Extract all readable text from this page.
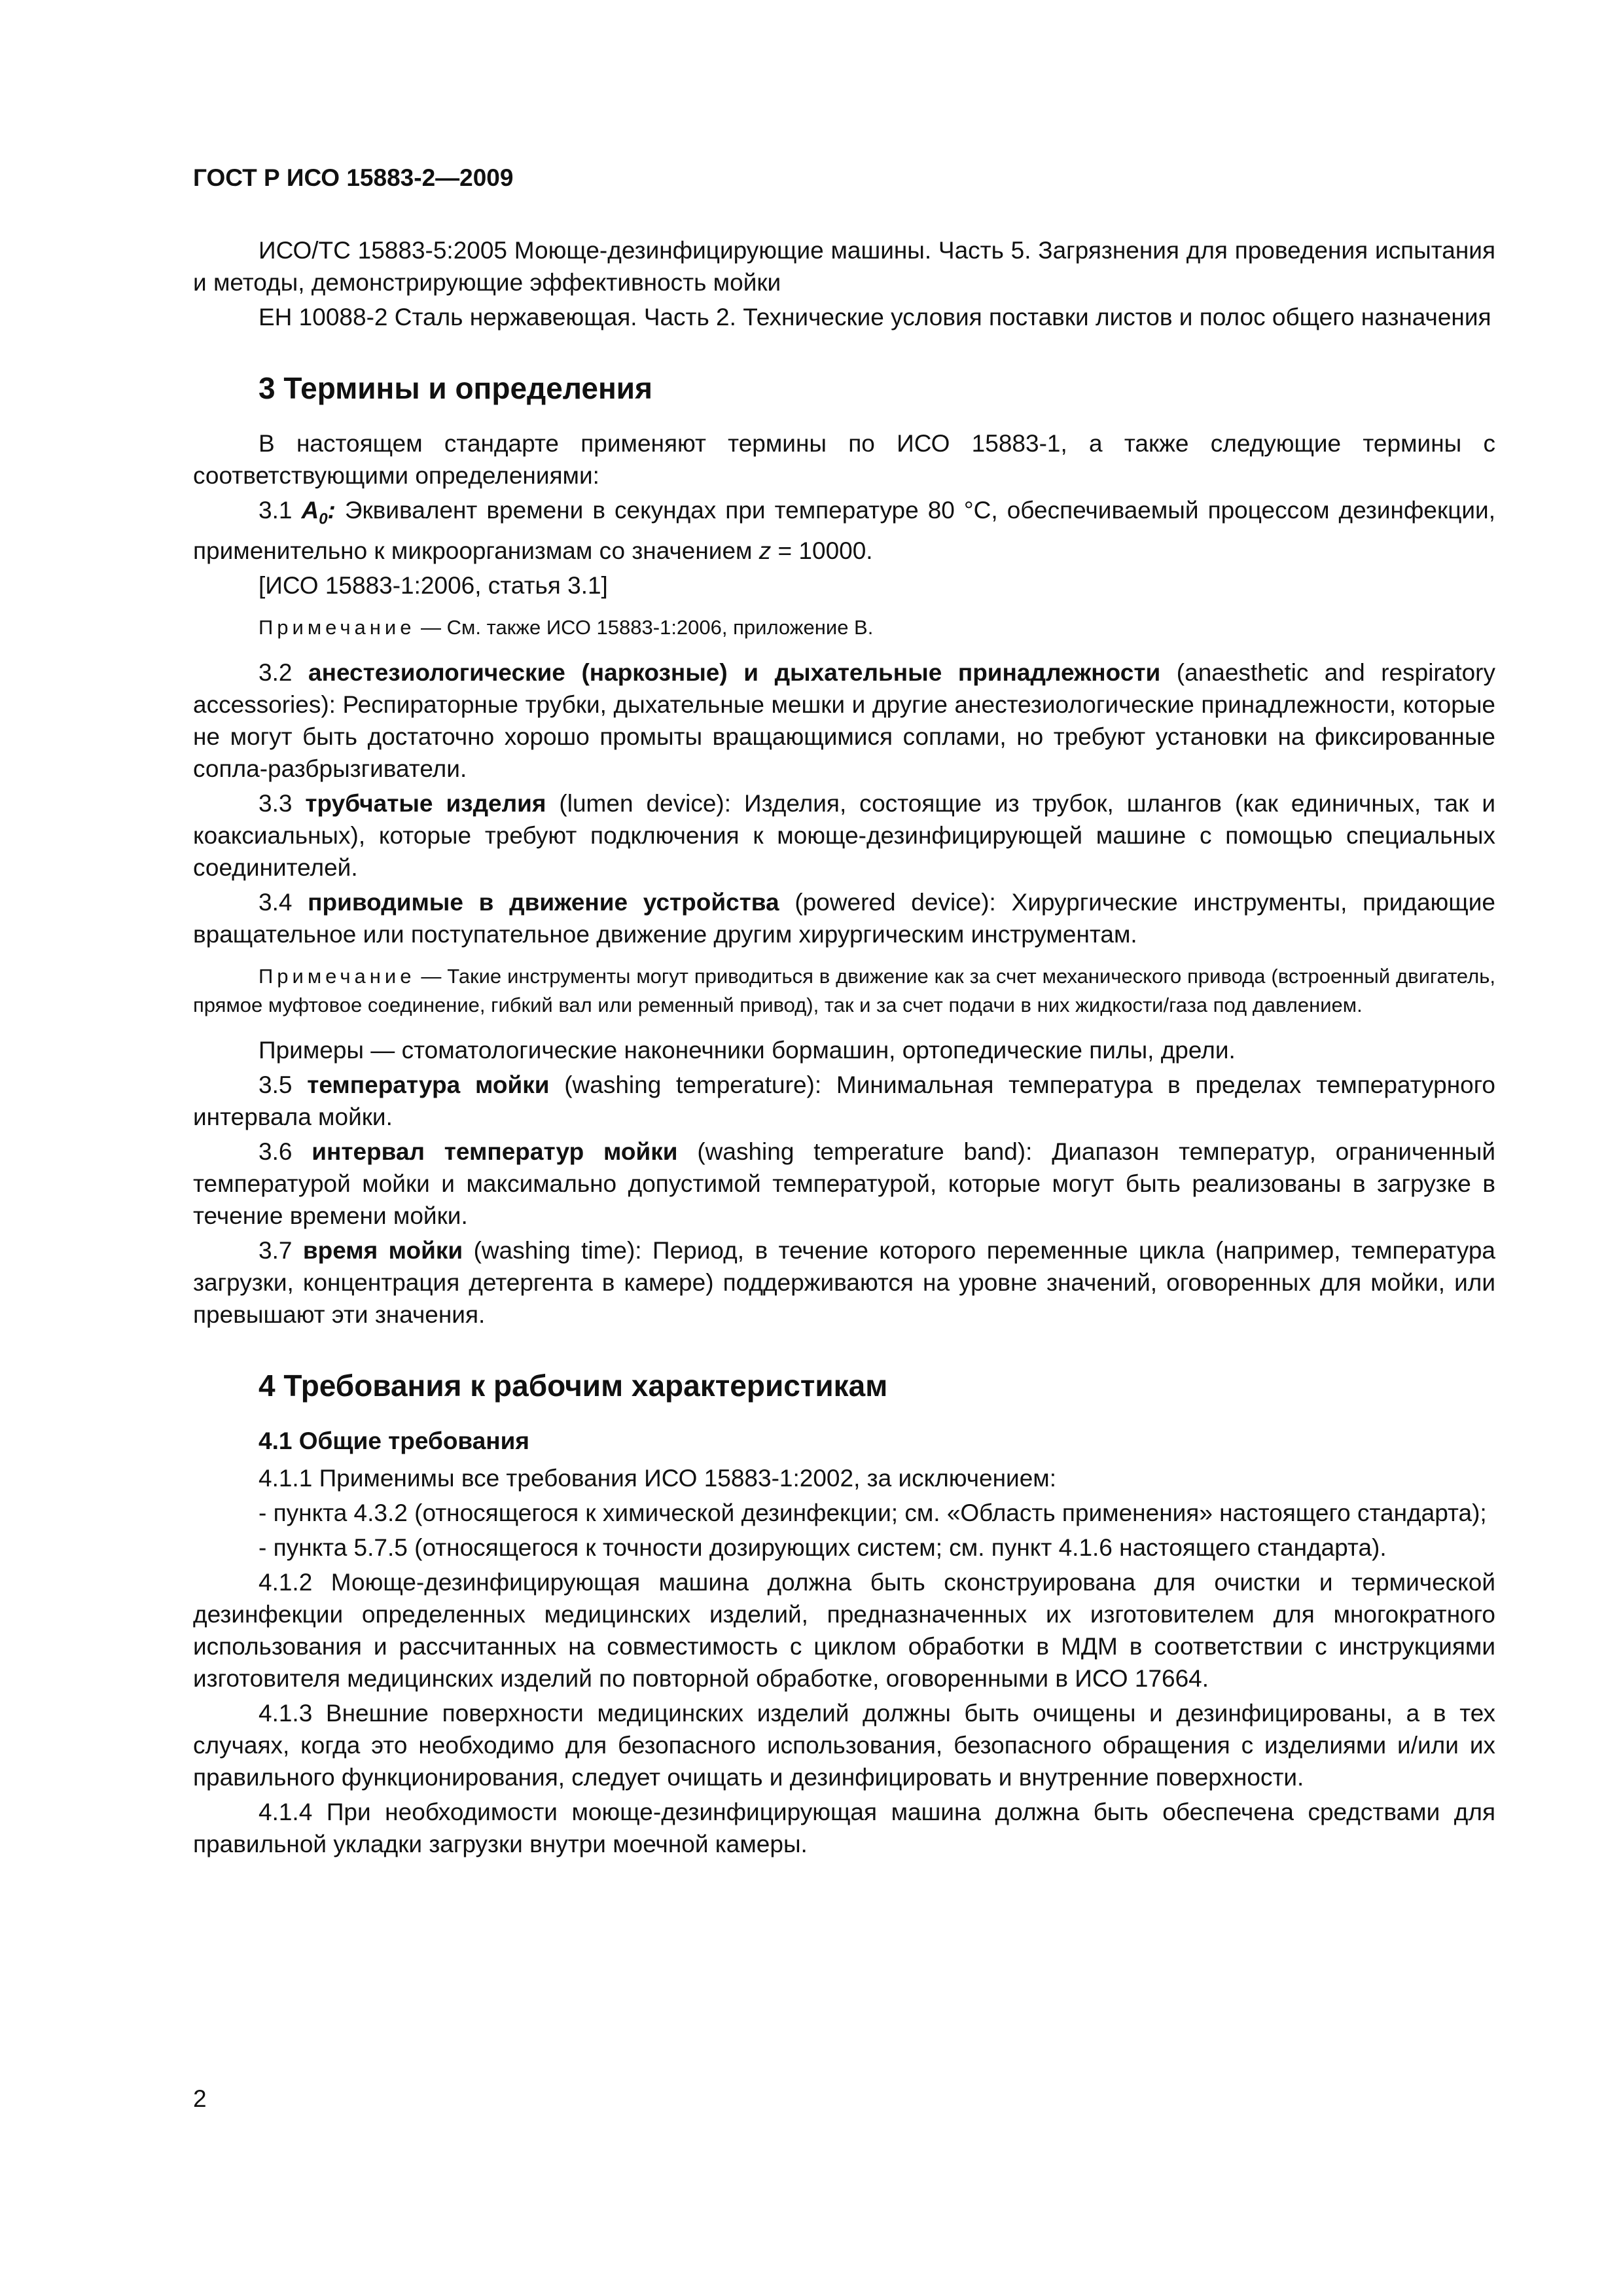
ГОСТ Р ИСО 15883-2—2009

ИСО/ТС 15883-5:2005 Моюще-дезинфицирующие машины. Часть 5. Загрязнения для проведения испытания и методы, демонстрирующие эффективность мойки

ЕН 10088-2 Сталь нержавеющая. Часть 2. Технические условия поставки листов и полос общего назначения

3 Термины и определения

В настоящем стандарте применяют термины по ИСО 15883-1, а также следующие термины с соответствующими определениями:

3.1 $A_0$: Эквивалент времени в секундах при температуре 80 °С, обеспечиваемый процессом дезинфекции, применительно к микроорганизмам со значением z = 10000.

[ИСО 15883-1:2006, статья 3.1]

Примечание — См. также ИСО 15883-1:2006, приложение В.

3.2 анестезиологические (наркозные) и дыхательные принадлежности (anaesthetic and respiratory accessories): Респираторные трубки, дыхательные мешки и другие анестезиологические принадлежности, которые не могут быть достаточно хорошо промыты вращающимися соплами, но требуют установки на фиксированные сопла-разбрызгиватели.

3.3 трубчатые изделия (lumen device): Изделия, состоящие из трубок, шлангов (как единичных, так и коаксиальных), которые требуют подключения к моюще-дезинфицирующей машине с помощью специальных соединителей.

3.4 приводимые в движение устройства (powered device): Хирургические инструменты, придающие вращательное или поступательное движение другим хирургическим инструментам.

Примечание — Такие инструменты могут приводиться в движение как за счет механического привода (встроенный двигатель, прямое муфтовое соединение, гибкий вал или ременный привод), так и за счет подачи в них жидкости/газа под давлением.

Примеры — стоматологические наконечники бормашин, ортопедические пилы, дрели.

3.5 температура мойки (washing temperature): Минимальная температура в пределах температурного интервала мойки.

3.6 интервал температур мойки (washing temperature band): Диапазон температур, ограниченный температурой мойки и максимально допустимой температурой, которые могут быть реализованы в загрузке в течение времени мойки.

3.7 время мойки (washing time): Период, в течение которого переменные цикла (например, температура загрузки, концентрация детергента в камере) поддерживаются на уровне значений, оговоренных для мойки, или превышают эти значения.

4 Требования к рабочим характеристикам
4.1 Общие требования

4.1.1 Применимы все требования ИСО 15883-1:2002, за исключением:

- пункта 4.3.2 (относящегося к химической дезинфекции; см. «Область применения» настоящего стандарта);

- пункта 5.7.5 (относящегося к точности дозирующих систем; см. пункт 4.1.6 настоящего стандарта).

4.1.2 Моюще-дезинфицирующая машина должна быть сконструирована для очистки и термической дезинфекции определенных медицинских изделий, предназначенных их изготовителем для многократного использования и рассчитанных на совместимость с циклом обработки в МДМ в соответствии с инструкциями изготовителя медицинских изделий по повторной обработке, оговоренными в ИСО 17664.

4.1.3 Внешние поверхности медицинских изделий должны быть очищены и дезинфицированы, а в тех случаях, когда это необходимо для безопасного использования, безопасного обращения с изделиями и/или их правильного функционирования, следует очищать и дезинфицировать и внутренние поверхности.

4.1.4 При необходимости моюще-дезинфицирующая машина должна быть обеспечена средствами для правильной укладки загрузки внутри моечной камеры.

2
